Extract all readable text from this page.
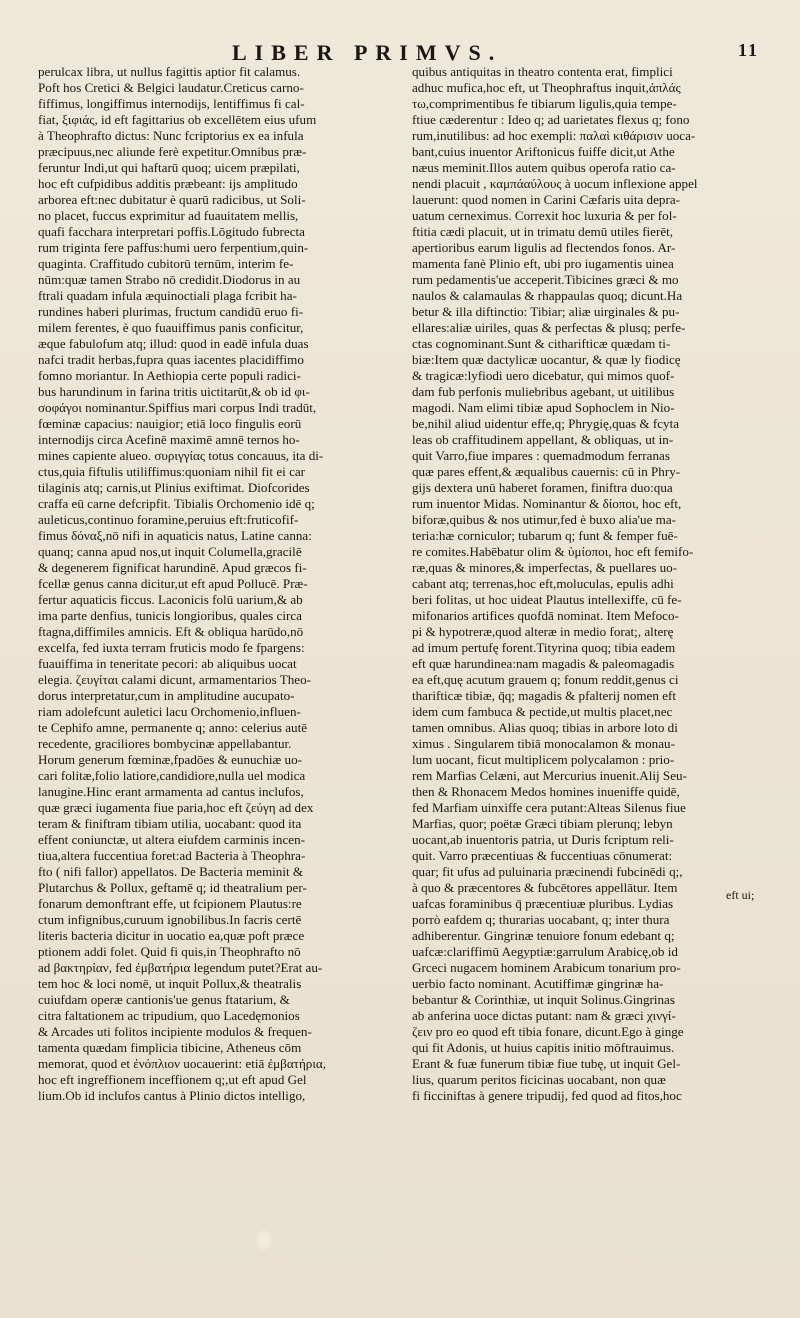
LIBER PRIMVS.	11
perulcax libra, ut nullus fagittis aptior fit calamus.
Poft hos Cretici & Belgici laudatur.Creticus carno-
fiffimus, longiffimus internodijs, lentiffimus fi cal-
fiat, ξιφιάς, id eft fagittarius ob excellētem eius ufum
à Theophrafto dictus: Nunc fcriptorius ex ea infula
præcipuus,nec aliunde ferè expetitur.Omnibus præ-
feruntur Indi,ut qui haftarū quoq; uicem præpilati,
hoc eft cufpidibus additis præbeant: ijs amplitudo
arborea eft:nec dubitatur è quarū radicibus, ut Soli-
no placet, fuccus exprimitur ad fuauitatem mellis,
quafi facchara interpretari poffis.Lōgitudo fubrecta
rum triginta fere paffus:humi uero ferpentium,quin-
quaginta. Craffitudo cubitorū ternūm, interim fe-
nūm:quæ tamen Strabo nō credidit.Diodorus in au
ftrali quadam infula æquinoctiali plaga fcribit ha-
rundines haberi plurimas, fructum candidū eruo fi-
milem ferentes, è quo fuauiffimus panis conficitur,
æque fabulofum atq; illud: quod in eadē infula duas
nafci tradit herbas,fupra quas iacentes placidiffimo
fomno moriantur. In Aethiopia certe populi radici-
bus harundinum in farina tritis uictitarūt,& ob id φι-
σοφάγοι nominantur.Spiffius mari corpus Indi tradūt,
fœminæ capacius: nauigior; etiā loco fingulis eorū
internodijs circa Acefinē maximē amnē ternos ho-
mines capiente alueo. συριγγίας totus concauus, ita di-
ctus,quia fiftulis utiliffimus:quoniam nihil fit ei car
tilaginis atq; carnis,ut Plinius exiftimat. Diofcorides
craffa eū carne defcripfit. Tibialis Orchomenio idē q;
auleticus,continuo foramine,peruius eft:fruticofif-
fimus δόναξ,nō nifi in aquaticis natus, Latine canna:
quanq; canna apud nos,ut inquit Columella,gracilē
& degenerem fignificat harundinē. Apud græcos fi-
fcellæ genus canna dicitur,ut eft apud Pollucē. Præ-
fertur aquaticis ficcus. Laconicis folū uarium,& ab
ima parte denfius, tunicis longioribus, quales circa
ftagna,diffimiles amnicis. Eft & obliqua harūdo,nō
excelfa, fed iuxta terram fruticis modo fe fpargens:
fuauiffima in teneritate pecori: ab aliquibus uocat
elegia. ζευγίται calami dicunt, armamentarios Theo-
dorus interpretatur,cum in amplitudine aucupato-
riam adolefcunt auletici lacu Orchomenio,influen-
te Cephifo amne, permanente q; anno: celerius autē
recedente, graciliores bombycinæ appellabantur.
Horum generum fœminæ,fpadōes & eunuchiæ uo-
cari folitæ,folio latiore,candidiore,nulla uel modica
lanugine.Hinc erant armamenta ad cantus inclufos,
quæ græci iugamenta fiue paria,hoc eft ζεύγη ad dex
teram & finiftram tibiam utilia, uocabant: quod ita
effent coniunctæ, ut altera eiufdem carminis incen-
tiua,altera fuccentiua foret:ad Bacteria à Theophra-
fto ( nifi fallor) appellatos. De Bacteria meminit &
Plutarchus & Pollux, geftamē q; id theatralium per-
fonarum demonftrant effe, ut fcipionem Plautus:re
ctum infignibus,curuum ignobilibus.In facris certē
literis bacteria dicitur in uocatio ea,quæ poft præce
ptionem addi folet. Quid fi quis,in Theophrafto nō
ad βακτηρίαν, fed ἐμβατήρια legendum putet?Erat au-
tem hoc & loci nomē, ut inquit Pollux,& theatralis
cuiufdam operæ cantionis'ue genus ftatarium, &
citra faltationem ac tripudium, quo Lacedęmonios
& Arcades uti folitos incipiente modulos & frequen-
tamenta quædam fimplicia tibicine, Atheneus cōm
memorat, quod et ἐνόπλιον uocauerint: etiā ἐμβατήρια,
hoc eft ingreffionem inceffionem q;,ut eft apud Gel
lium.Ob id inclufos cantus à Plinio dictos intelligo,
quibus antiquitas in theatro contenta erat, fimplici
adhuc mufica,hoc eft, ut Theophraftus inquit,ἀπλάς
τω,comprimentibus fe tibiarum ligulis,quia tempe-
ftiue cæderentur : Ideo q; ad uarietates flexus q; fono
rum,inutilibus: ad hoc exempli: παλαὶ κιθάρισιν uoca-
bant,cuius inuentor Ariftonicus fuiffe dicit,ut Athe
næus meminit.Illos autem quibus operofa ratio ca-
nendi placuit , καμπάαύλους à uocum inflexione appel
lauerunt: quod nomen in Carini Cæfaris uita depra-
uatum cerneximus. Correxit hoc luxuria & per fol-
ftitia cædi placuit, ut in trimatu demū utiles fierēt,
apertioribus earum ligulis ad flectendos fonos. Ar-
mamenta fanè Plinio eft, ubi pro iugamentis uinea
rum pedamentis'ue acceperit.Tibicines græci & mo
naulos & calamaulas & rhappaulas quoq; dicunt.Ha
betur & illa diftinctio: Tibiar; aliæ uirginales & pu-
ellares:aliæ uiriles, quas & perfectas & plusq; perfe-
ctas cognominant.Sunt & citharifticæ quædam ti-
biæ:Item quæ dactylicæ uocantur, & quæ ly fiodicę
& tragicæ:lyfiodi uero dicebatur, qui mimos quof-
dam fub perfonis muliebribus agebant, ut uitilibus
magodi. Nam elimi tibiæ apud Sophoclem in Nio-
be,nihil aliud uidentur effe,q; Phrygię,quas & fcyta
leas ob craffitudinem appellant, & obliquas, ut in-
quit Varro,fiue impares : quemadmodum ferranas
quæ pares effent,& æqualibus cauernis: cū in Phry-
gijs dextera unū haberet foramen, finiftra duo:qua
rum inuentor Midas. Nominantur & δίοποι, hoc eft,
biforæ,quibus & nos utimur,fed è buxo alia'ue ma-
teria:hæ corniculor; tubarum q; funt & femper fuē-
re comites.Habēbatur olim & ὑμίοποι, hoc eft femifo-
ræ,quas & minores,& imperfectas, & puellares uo-
cabant atq; terrenas,hoc eft,moluculas, epulis adhi
beri folitas, ut hoc uideat Plautus intellexiffe, cū fe-
mifonarios artifices quofdā nominat. Item Mefoco-
pi & hypotreræ,quod alteræ in medio forat;, alterę
ad imum pertufę forent.Tityrina quoq; tibia eadem
eft quæ harundinea:nam magadis & paleomagadis
ea eft,quę acutum grauem q; fonum reddit,genus ci
tharifticæ tibiæ, q̄q; magadis & pfalterij nomen eft
idem cum fambuca & pectide,ut multis placet,nec
tamen omnibus. Alias quoq; tibias in arbore loto di
ximus . Singularem tibiā monocalamon & monau-
lum uocant, ficut multiplicem polycalamon : prio-
rem Marfias Celæni, aut Mercurius inuenit.Alij Seu-
then & Rhonacem Medos homines inueniffe quidē,
fed Marfiam uinxiffe cera putant:Alteas Silenus fiue
Marfias, quor; poëtæ Græci tibiam plerunq; lebyn
uocant,ab inuentoris patria, ut Duris fcriptum reli-
quit. Varro præcentiuas & fuccentiuas cōnumerat:
quar; fit ufus ad puluinaria præcinendi fubcinēdi q;,
à quo & præcentores & fubcētores appellātur. Item
uafcas foraminibus q̄ præcentiuæ pluribus. Lydias
porrò eafdem q; thurarias uocabant, q; inter thura
adhiberentur. Gingrinæ tenuiore fonum edebant q;
uafcæ:clariffimū Aegyptiæ:garrulum Arabicę,ob id
Grceci nugacem hominem Arabicum tonarium pro-
uerbio facto nominant. Acutiffimæ gingrinæ ha-
bebantur & Corinthiæ, ut inquit Solinus.Gingrinas
ab anferina uoce dictas putant: nam & græci χινγί-
ζειν pro eo quod eft tibia fonare, dicunt.Ego à ginge
qui fit Adonis, ut huius capitis initio mōftrauimus.
Erant & fuæ funerum tibiæ fiue tubę, ut inquit Gel-
lius, quarum peritos ficicinas uocabant, non quæ
fi ficciniftas à genere tripudij, fed quod ad fitos,hoc
eft ui;
